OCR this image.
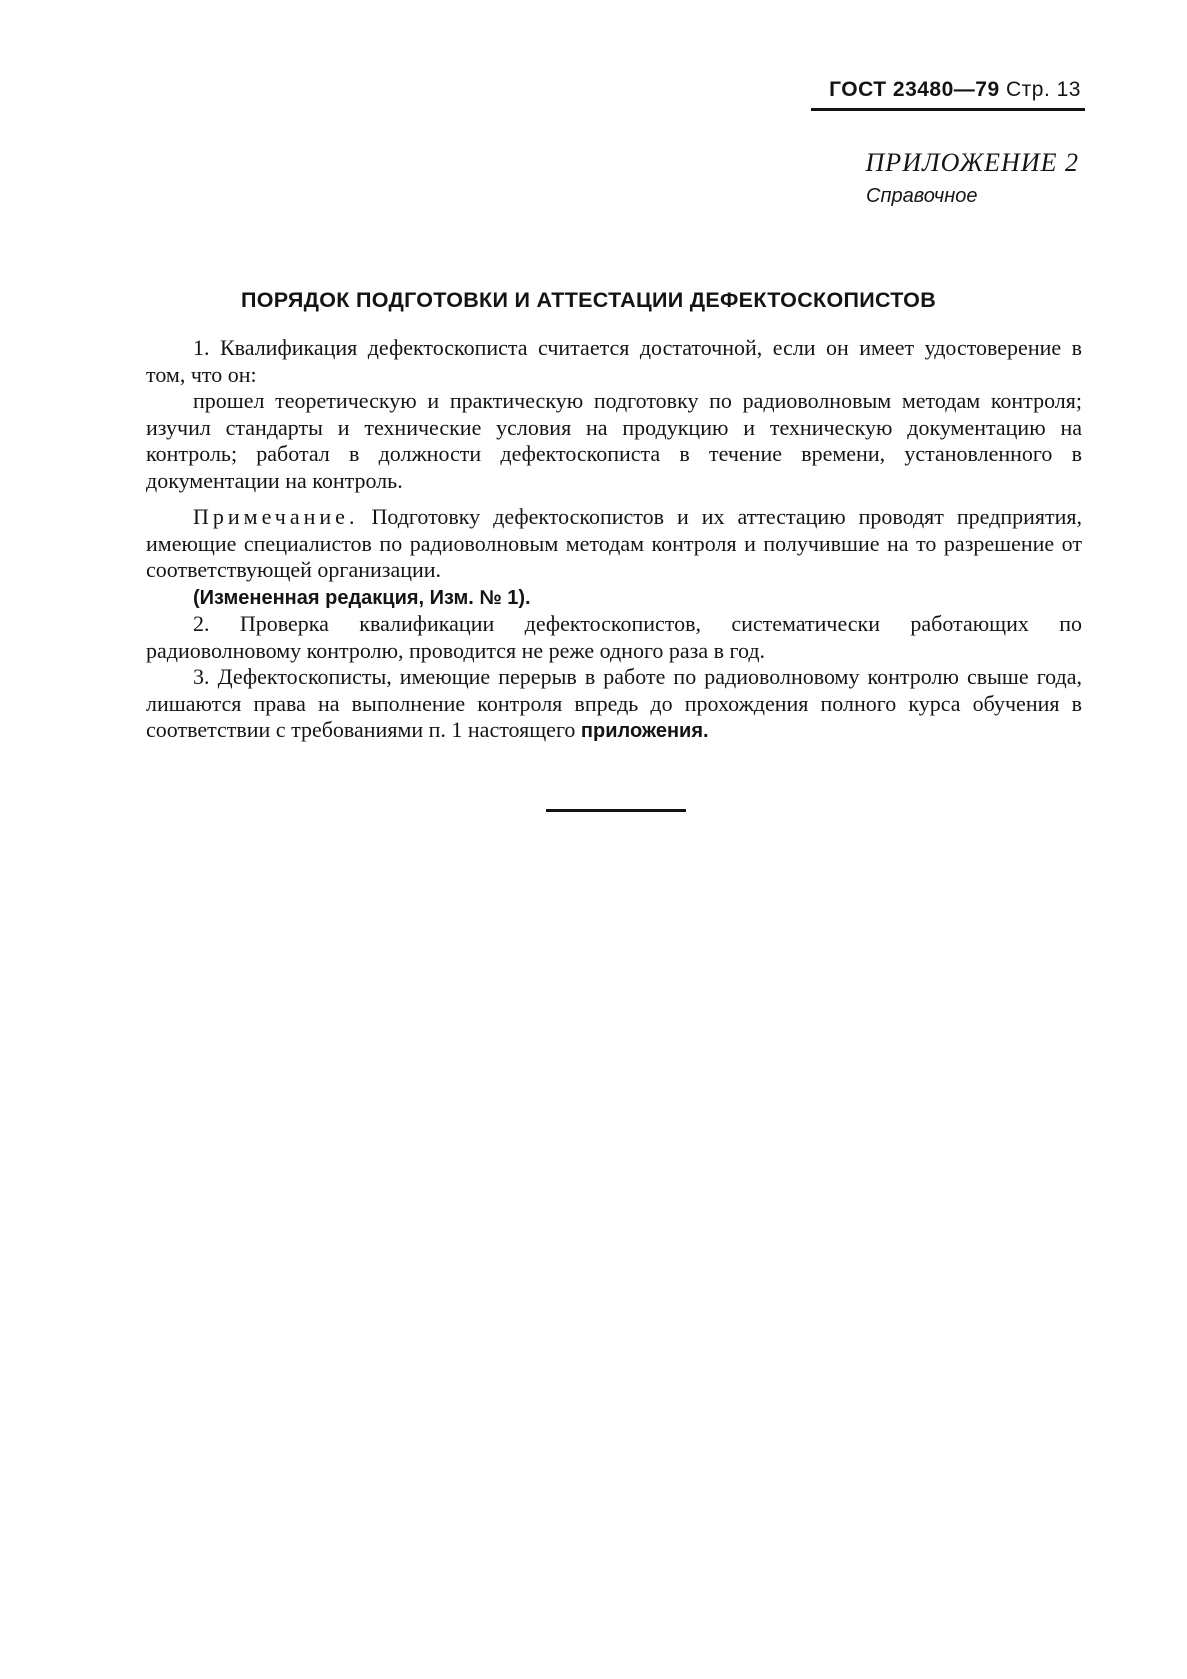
ГОСТ 23480—79 Стр. 13
ПРИЛОЖЕНИЕ 2
Справочное
ПОРЯДОК ПОДГОТОВКИ И АТТЕСТАЦИИ ДЕФЕКТОСКОПИСТОВ

1. Квалификация дефектоскописта считается достаточной, если он имеет удостоверение в том, что он:

прошел теоретическую и практическую подготовку по радиоволновым методам контроля; изучил стандарты и технические условия на продукцию и техническую документацию на контроль; работал в должности дефектоскописта в течение времени, установленного в документации на контроль.

Примечание. Подготовку дефектоскопистов и их аттестацию проводят предприятия, имеющие специалистов по радиоволновым методам контроля и получившие на то разрешение от соответствующей организации.

(Измененная редакция, Изм. № 1).

2. Проверка квалификации дефектоскопистов, систематически работающих по радиоволновому контролю, проводится не реже одного раза в год.

3. Дефектоскописты, имеющие перерыв в работе по радиоволновому контролю свыше года, лишаются права на выполнение контроля впредь до прохождения полного курса обучения в соответствии с требованиями п. 1 настоящего приложения.
